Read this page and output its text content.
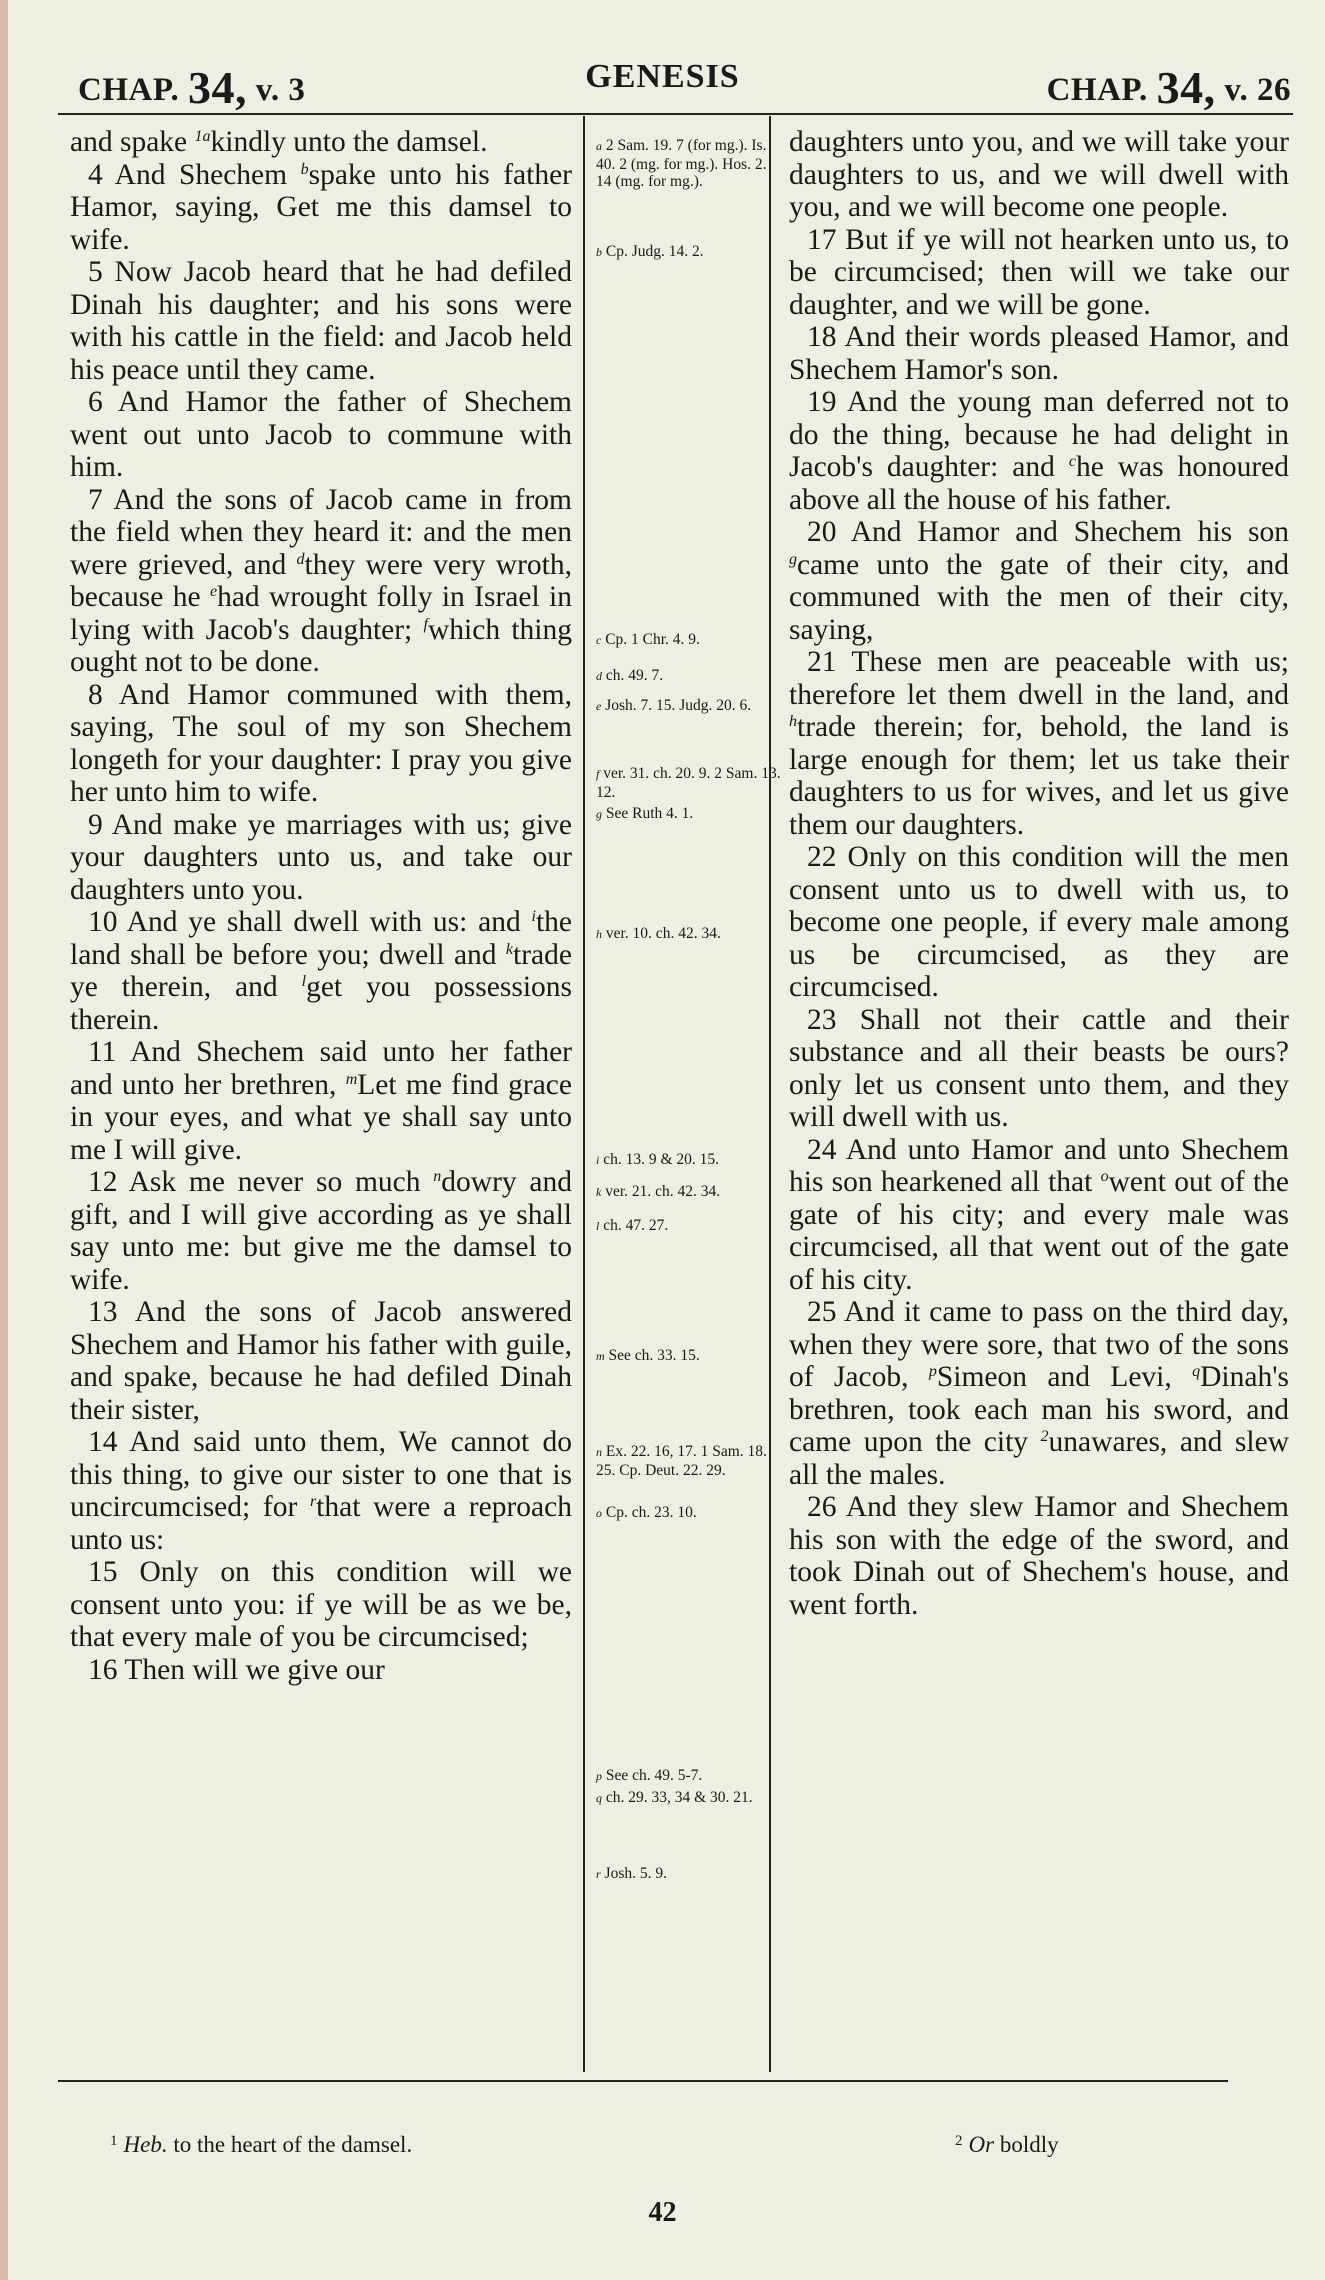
CHAP. 34, v. 3	GENESIS	CHAP. 34, v. 26

and spake $^{1a}$kindly unto the damsel.

4 And Shechem $^b$spake unto his father Hamor, saying, Get me this damsel to wife.

5 Now Jacob heard that he had defiled Dinah his daughter; and his sons were with his cattle in the field: and Jacob held his peace until they came.

6 And Hamor the father of Shechem went out unto Jacob to commune with him.

7 And the sons of Jacob came in from the field when they heard it: and the men were grieved, and $^d$they were very wroth, because he $^e$had wrought folly in Israel in lying with Jacob's daughter; $^f$which thing ought not to be done.

8 And Hamor communed with them, saying, The soul of my son Shechem longeth for your daughter: I pray you give her unto him to wife.

9 And make ye marriages with us; give your daughters unto us, and take our daughters unto you.

10 And ye shall dwell with us: and $^i$the land shall be before you; dwell and $^k$trade ye therein, and $^l$get you possessions therein.

11 And Shechem said unto her father and unto her brethren, $^m$Let me find grace in your eyes, and what ye shall say unto me I will give.

12 Ask me never so much $^n$dowry and gift, and I will give according as ye shall say unto me: but give me the damsel to wife.

13 And the sons of Jacob answered Shechem and Hamor his father with guile, and spake, because he had defiled Dinah their sister,

14 And said unto them, We cannot do this thing, to give our sister to one that is uncircumcised; for $^r$that were a reproach unto us:

15 Only on this condition will we consent unto you: if ye will be as we be, that every male of you be circumcised;

16 Then will we give our

a 2 Sam. 19. 7 (for mg.). Is. 40. 2 (mg. for mg.). Hos. 2. 14 (mg. for mg.).
b Cp. Judg. 14. 2.
c Cp. 1 Chr. 4. 9.
d ch. 49. 7.
e Josh. 7. 15. Judg. 20. 6.
f ver. 31. ch. 20. 9. 2 Sam. 13. 12.
g See Ruth 4. 1.
h ver. 10. ch. 42. 34.
i ch. 13. 9 & 20. 15.
k ver. 21. ch. 42. 34.
l ch. 47. 27.
m See ch. 33. 15.
n Ex. 22. 16, 17. 1 Sam. 18. 25. Cp. Deut. 22. 29.
o Cp. ch. 23. 10.
p See ch. 49. 5-7.
q ch. 29. 33, 34 & 30. 21.
r Josh. 5. 9.

daughters unto you, and we will take your daughters to us, and we will dwell with you, and we will become one people.

17 But if ye will not hearken unto us, to be circumcised; then will we take our daughter, and we will be gone.

18 And their words pleased Hamor, and Shechem Hamor's son.

19 And the young man deferred not to do the thing, because he had delight in Jacob's daughter: and $^c$he was honoured above all the house of his father.

20 And Hamor and Shechem his son $^g$came unto the gate of their city, and communed with the men of their city, saying,

21 These men are peaceable with us; therefore let them dwell in the land, and $^h$trade therein; for, behold, the land is large enough for them; let us take their daughters to us for wives, and let us give them our daughters.

22 Only on this condition will the men consent unto us to dwell with us, to become one people, if every male among us be circumcised, as they are circumcised.

23 Shall not their cattle and their substance and all their beasts be ours? only let us consent unto them, and they will dwell with us.

24 And unto Hamor and unto Shechem his son hearkened all that $^o$went out of the gate of his city; and every male was circumcised, all that went out of the gate of his city.

25 And it came to pass on the third day, when they were sore, that two of the sons of Jacob, $^p$Simeon and Levi, $^q$Dinah's brethren, took each man his sword, and came upon the city $^2$unawares, and slew all the males.

26 And they slew Hamor and Shechem his son with the edge of the sword, and took Dinah out of Shechem's house, and went forth.

$^1$ Heb. to the heart of the damsel.	$^2$ Or boldly
42
